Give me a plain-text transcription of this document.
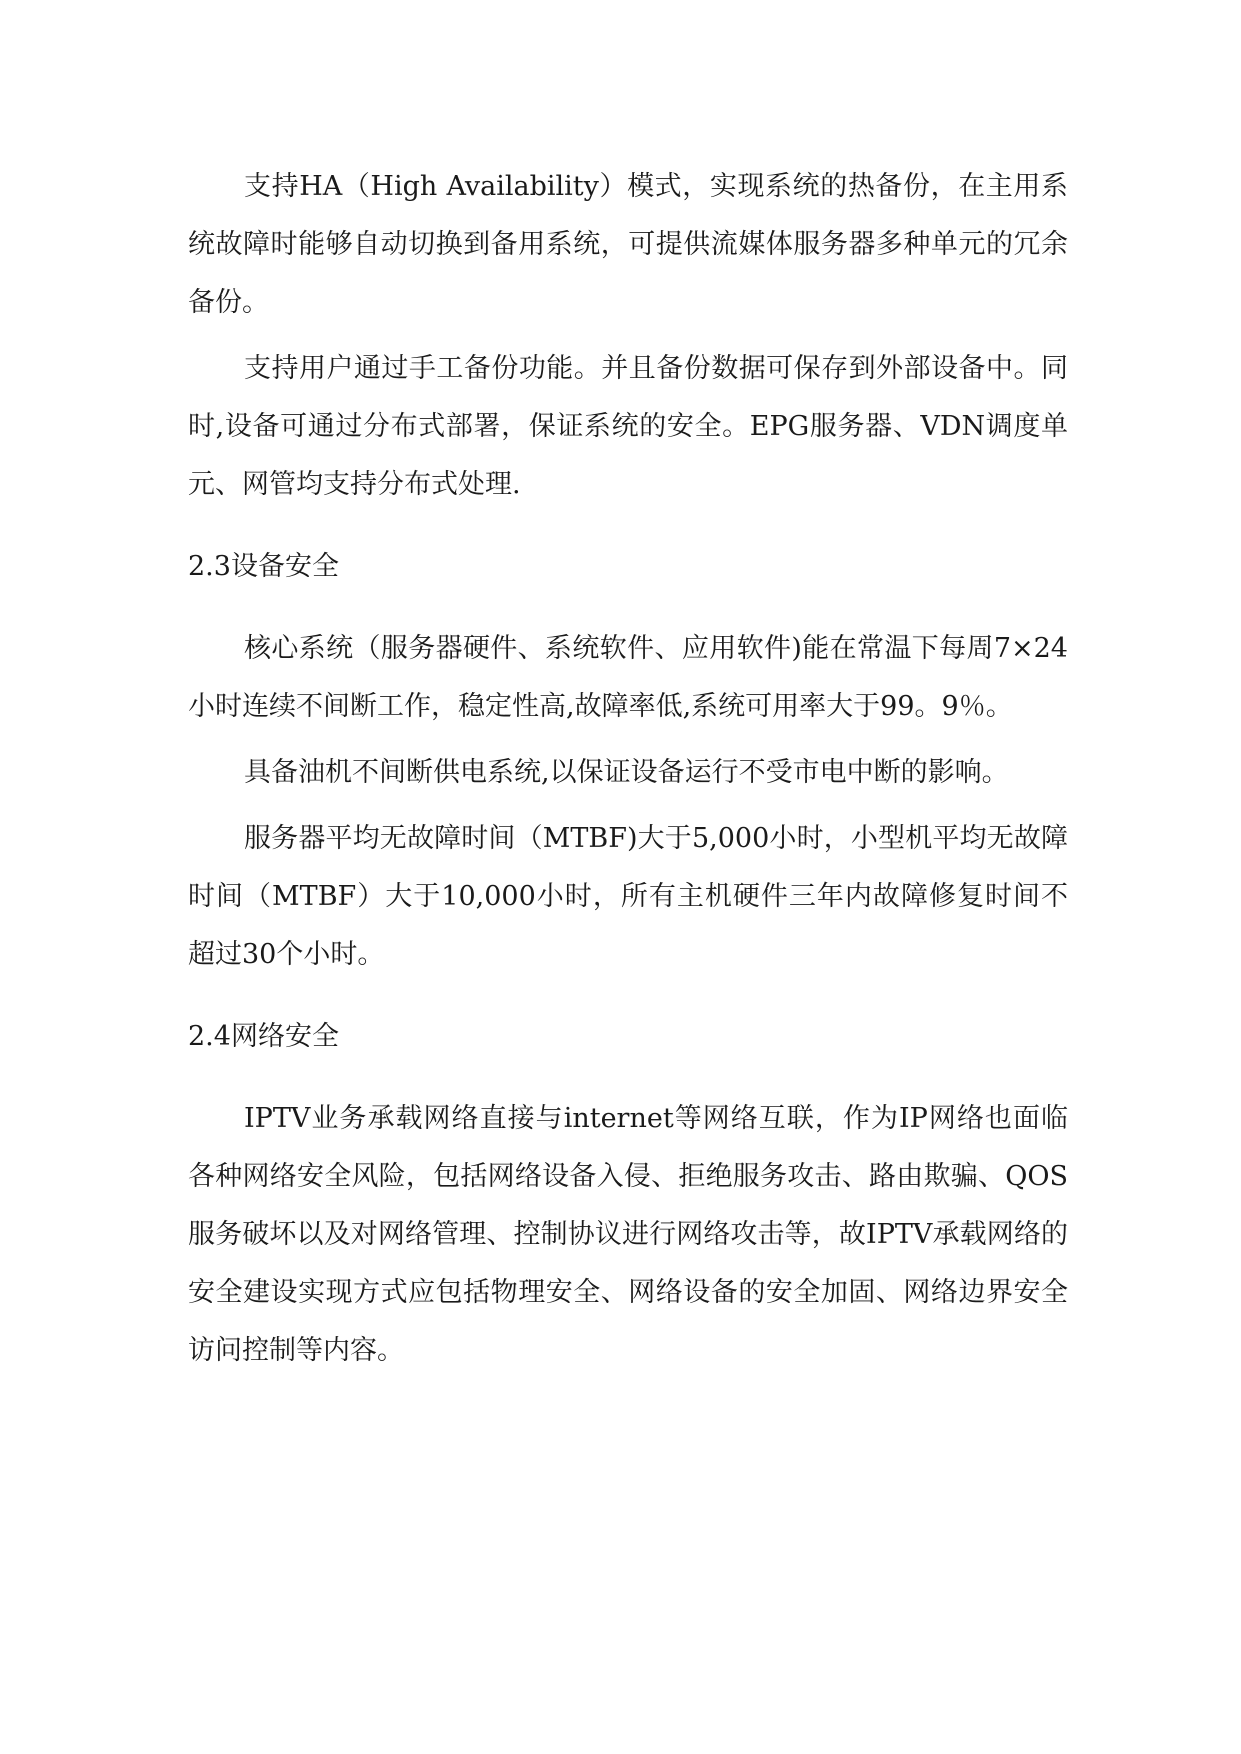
支持HA（High Availability）模式，实现系统的热备份，在主用系统故障时能够自动切换到备用系统，可提供流媒体服务器多种单元的冗余备份。

支持用户通过手工备份功能。并且备份数据可保存到外部设备中。同时,设备可通过分布式部署，保证系统的安全。EPG服务器、VDN调度单元、网管均支持分布式处理.

2.3设备安全

核心系统（服务器硬件、系统软件、应用软件)能在常温下每周7×24小时连续不间断工作，稳定性高,故障率低,系统可用率大于99。9％。

具备油机不间断供电系统,以保证设备运行不受市电中断的影响。

服务器平均无故障时间（MTBF)大于5,000小时，小型机平均无故障时间（MTBF）大于10,000小时，所有主机硬件三年内故障修复时间不超过30个小时。

2.4网络安全

IPTV业务承载网络直接与internet等网络互联，作为IP网络也面临各种网络安全风险，包括网络设备入侵、拒绝服务攻击、路由欺骗、QOS服务破坏以及对网络管理、控制协议进行网络攻击等，故IPTV承载网络的安全建设实现方式应包括物理安全、网络设备的安全加固、网络边界安全访问控制等内容。
